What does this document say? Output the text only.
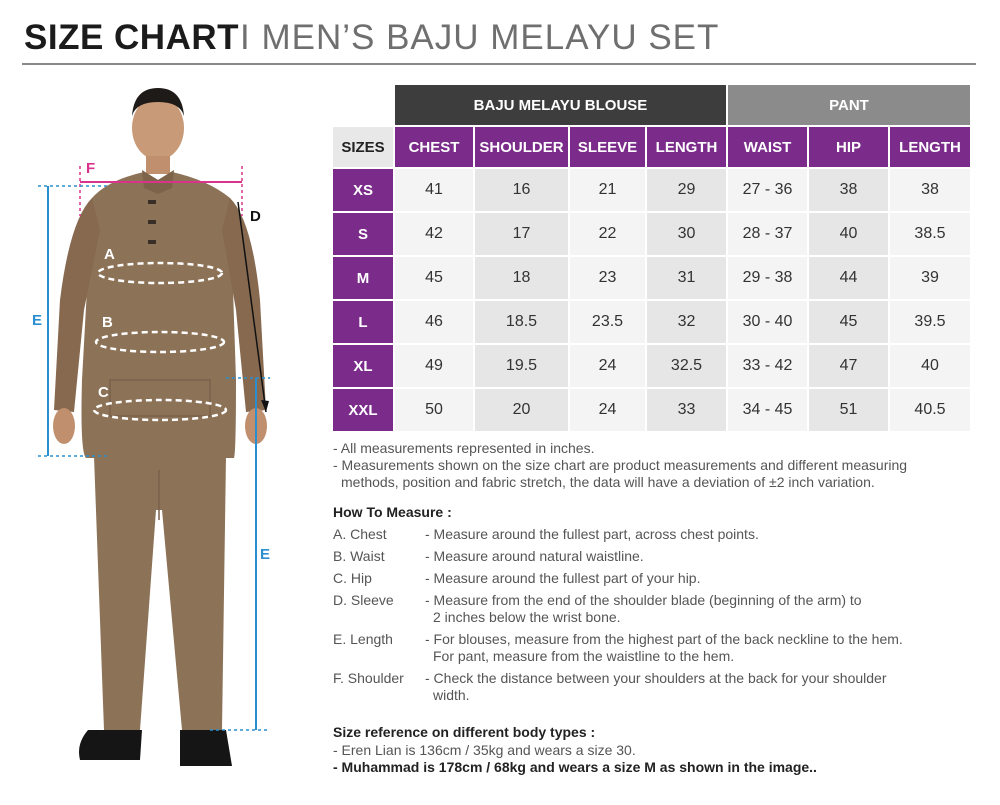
SIZE CHART I MEN’S BAJU MELAYU SET
A
B
C
D
E
E
F
	BAJU MELAYU BLOUSE				PANT		
SIZES	CHEST	SHOULDER	SLEEVE	LENGTH	WAIST	HIP	LENGTH
XS	41	16	21	29	27 - 36	38	38
S	42	17	22	30	28 - 37	40	38.5
M	45	18	23	31	29 - 38	44	39
L	46	18.5	23.5	32	30 - 40	45	39.5
XL	49	19.5	24	32.5	33 - 42	47	40
XXL	50	20	24	33	34 - 45	51	40.5
- All measurements represented in inches.
- Measurements shown on the size chart are product measurements and different measuring
methods, position and fabric stretch, the data will have a deviation of ±2 inch variation.
How To Measure :
A. Chest	- Measure around the fullest part, across chest points.
B. Waist	- Measure around natural waistline.
C. Hip	- Measure around the fullest part of your hip.
D. Sleeve	- Measure from the end of the shoulder blade (beginning of the arm) to
2 inches below the wrist bone.
E. Length	- For blouses, measure from the highest part of the back neckline to the hem.
For pant, measure from the waistline to the hem.
F. Shoulder	- Check the distance between your shoulders at the back for your shoulder
width.
Size reference on different body types :
- Eren Lian is 136cm / 35kg and wears a size 30.
- Muhammad is 178cm / 68kg and wears a size M as shown in the image..
